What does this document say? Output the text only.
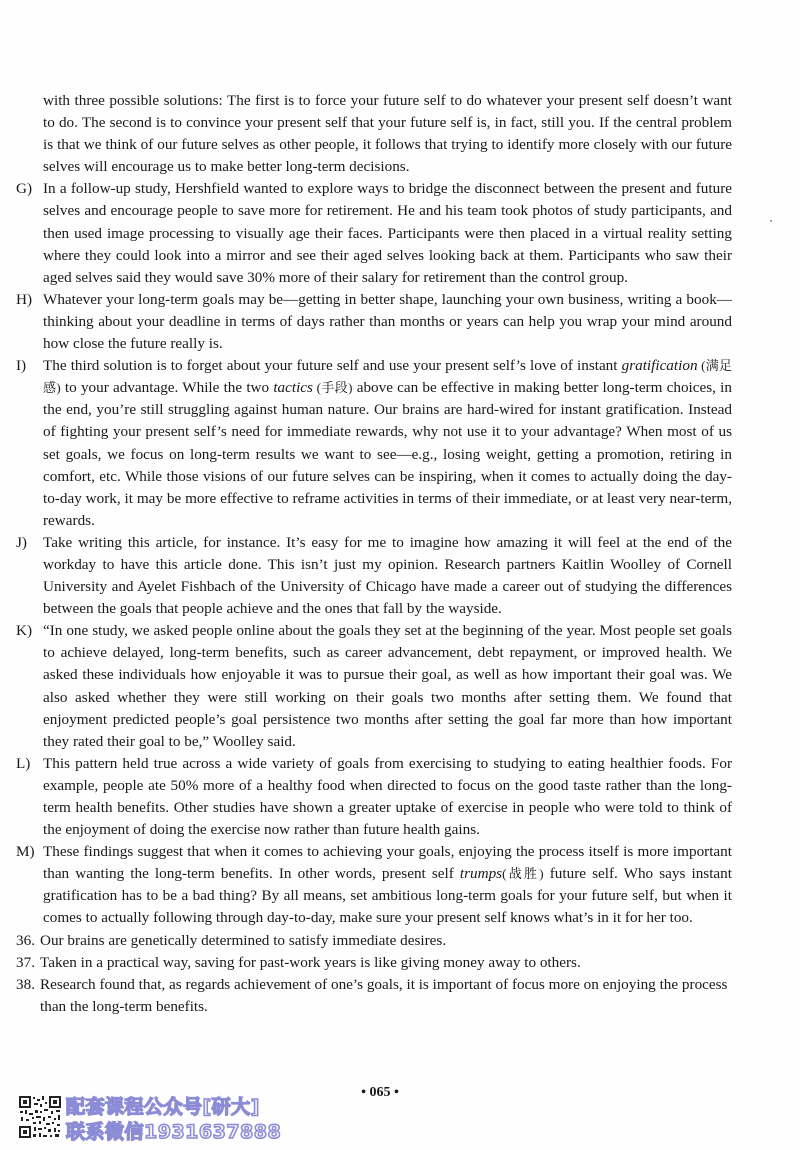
with three possible solutions: The first is to force your future self to do whatever your present self doesn’t want to do. The second is to convince your present self that your future self is, in fact, still you. If the central problem is that we think of our future selves as other people, it follows that trying to identify more closely with our future selves will encourage us to make better long-term decisions.
G) In a follow-up study, Hershfield wanted to explore ways to bridge the disconnect between the present and future selves and encourage people to save more for retirement. He and his team took photos of study participants, and then used image processing to visually age their faces. Participants were then placed in a virtual reality setting where they could look into a mirror and see their aged selves looking back at them. Participants who saw their aged selves said they would save 30% more of their salary for retirement than the control group.
H) Whatever your long-term goals may be—getting in better shape, launching your own business, writing a book—thinking about your deadline in terms of days rather than months or years can help you wrap your mind around how close the future really is.
I)	The third solution is to forget about your future self and use your present self’s love of instant gratification (满足感) to your advantage. While the two tactics (手段) above can be effective in making better long-term choices, in the end, you’re still struggling against human nature. Our brains are hard-wired for instant gratification. Instead of fighting your present self’s need for immediate rewards, why not use it to your advantage? When most of us set goals, we focus on long-term results we want to see—e.g., losing weight, getting a promotion, retiring in comfort, etc. While those visions of our future selves can be inspiring, when it comes to actually doing the day-to-day work, it may be more effective to reframe activities in terms of their immediate, or at least very near-term, rewards.
J)	Take writing this article, for instance. It’s easy for me to imagine how amazing it will feel at the end of the workday to have this article done. This isn’t just my opinion. Research partners Kaitlin Woolley of Cornell University and Ayelet Fishbach of the University of Chicago have made a career out of studying the differences between the goals that people achieve and the ones that fall by the wayside.
K) “In one study, we asked people online about the goals they set at the beginning of the year. Most people set goals to achieve delayed, long-term benefits, such as career advancement, debt repayment, or improved health. We asked these individuals how enjoyable it was to pursue their goal, as well as how important their goal was. We also asked whether they were still working on their goals two months after setting them. We found that enjoyment predicted people’s goal persistence two months after setting the goal far more than how important they rated their goal to be,” Woolley said.
L) This pattern held true across a wide variety of goals from exercising to studying to eating healthier foods. For example, people ate 50% more of a healthy food when directed to focus on the good taste rather than the long-term health benefits. Other studies have shown a greater uptake of exercise in people who were told to think of the enjoyment of doing the exercise now rather than future health gains.
M) These findings suggest that when it comes to achieving your goals, enjoying the process itself is more important than wanting the long-term benefits. In other words, present self trumps(战胜) future self. Who says instant gratification has to be a bad thing? By all means, set ambitious long-term goals for your future self, but when it comes to actually following through day-to-day, make sure your present self knows what’s in it for her too.
36. Our brains are genetically determined to satisfy immediate desires.
37. Taken in a practical way, saving for past-work years is like giving money away to others.
38. Research found that, as regards achievement of one’s goals, it is important of focus more on enjoying the process than the long-term benefits.
• 065 •
配套课程公众号[研大]
联系微信1931637888
